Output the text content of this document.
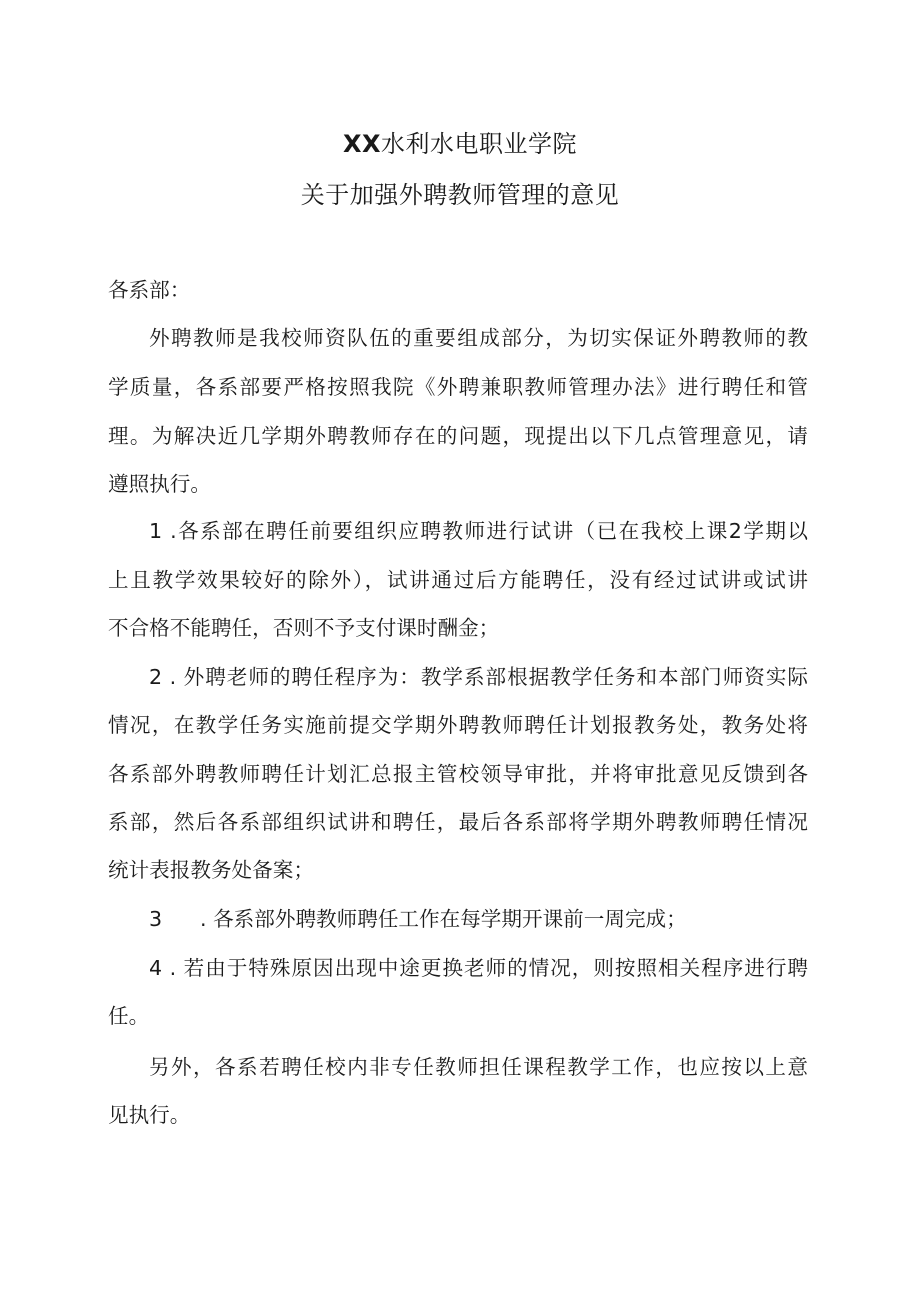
XX水利水电职业学院
关于加强外聘教师管理的意见
各系部：
外聘教师是我校师资队伍的重要组成部分，为切实保证外聘教师的教
学质量，各系部要严格按照我院《外聘兼职教师管理办法》进行聘任和管
理。为解决近几学期外聘教师存在的问题，现提出以下几点管理意见，请
遵照执行。
1 .各系部在聘任前要组织应聘教师进行试讲（已在我校上课2学期以
上且教学效果较好的除外），试讲通过后方能聘任，没有经过试讲或试讲
不合格不能聘任，否则不予支付课时酬金；
2 . 外聘老师的聘任程序为：教学系部根据教学任务和本部门师资实际
情况，在教学任务实施前提交学期外聘教师聘任计划报教务处，教务处将
各系部外聘教师聘任计划汇总报主管校领导审批，并将审批意见反馈到各
系部，然后各系部组织试讲和聘任，最后各系部将学期外聘教师聘任情况
统计表报教务处备案；
3	. 各系部外聘教师聘任工作在每学期开课前一周完成；
4 . 若由于特殊原因出现中途更换老师的情况，则按照相关程序进行聘
任。
另外，各系若聘任校内非专任教师担任课程教学工作，也应按以上意
见执行。
